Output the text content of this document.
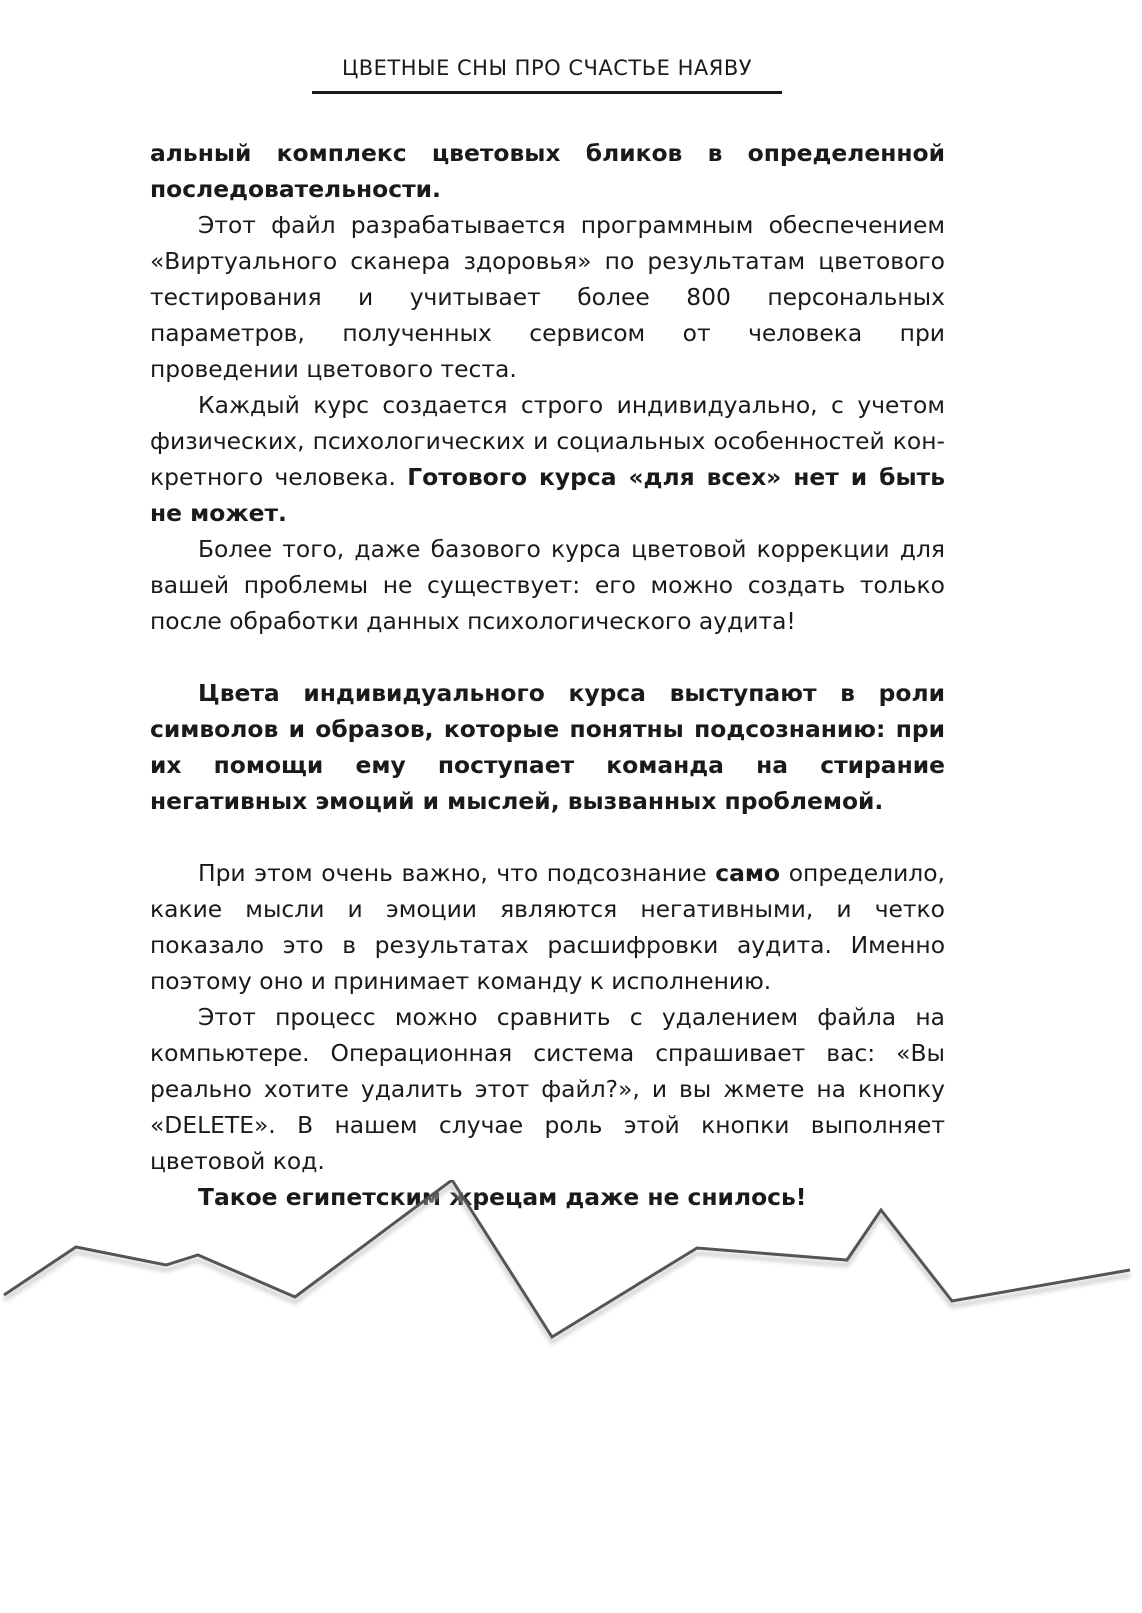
ЦВЕТНЫЕ СНЫ ПРО СЧАСТЬЕ НАЯВУ

альный комплекс цветовых бликов в определенной последовательности.

Этот файл разрабатывается программным обеспечением «Виртуального сканера здоровья» по результатам цветового тестирования и учитывает более 800 персональных параметров, полученных сервисом от человека при проведении цветового теста.

Каждый курс создается строго индивидуально, с учетом физических, психологических и социальных особенностей конкретного человека. Готового курса «для всех» нет и быть не может.

Более того, даже базового курса цветовой коррекции для вашей проблемы не существует: его можно создать только после обработки данных психологического аудита!

Цвета индивидуального курса выступают в роли символов и образов, которые понятны подсознанию: при их помощи ему поступает команда на стирание негативных эмоций и мыслей, вызванных проблемой.

При этом очень важно, что подсознание само определило, какие мысли и эмоции являются негативными, и четко показало это в результатах расшифровки аудита. Именно поэтому оно и принимает команду к исполнению.

Этот процесс можно сравнить с удалением файла на компьютере. Операционная система спрашивает вас: «Вы реально хотите удалить этот файл?», и вы жмете на кнопку «DELETE». В нашем случае роль этой кнопки выполняет цветовой код.

Такое египетским жрецам даже не снилось!
